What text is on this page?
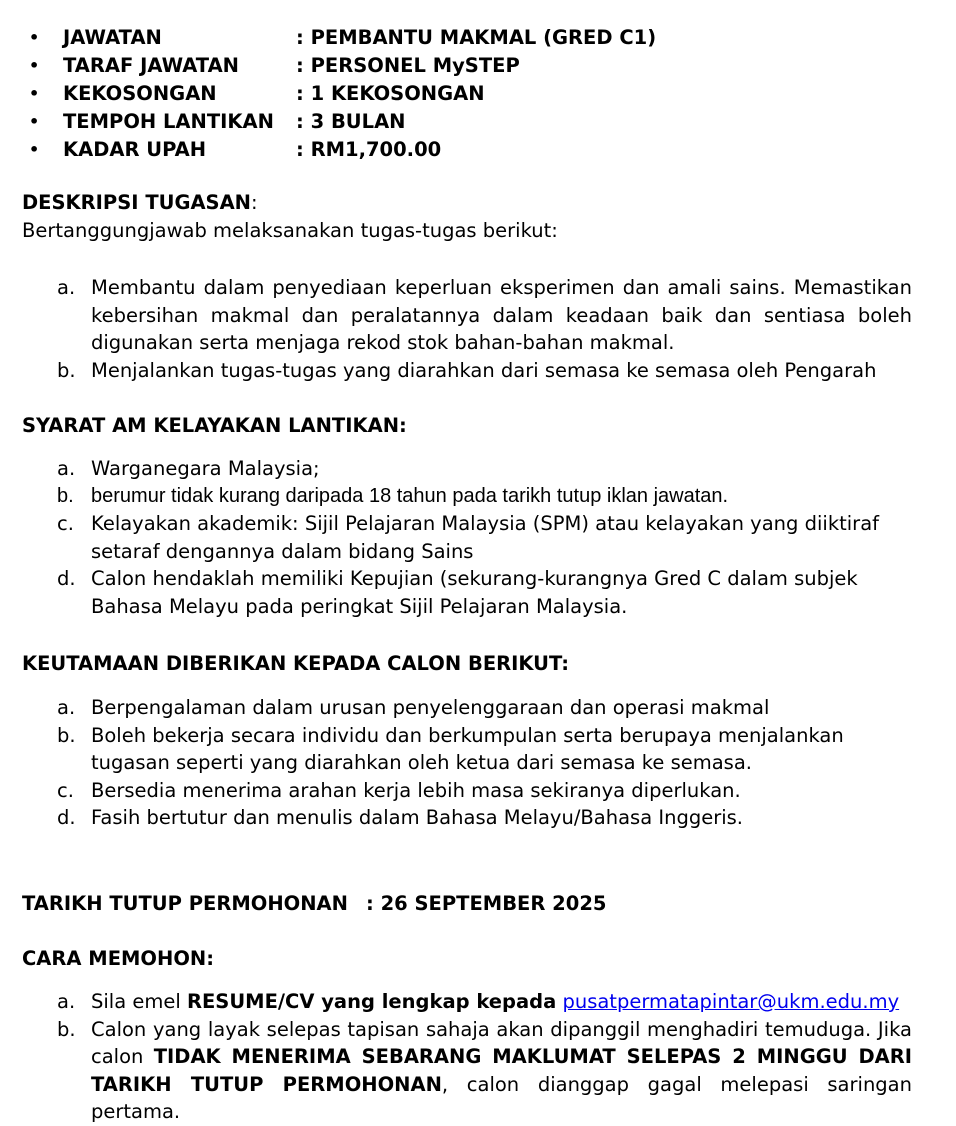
• JAWATAN	: PEMBANTU MAKMAL (GRED C1)
• TARAF JAWATAN	: PERSONEL MySTEP
• KEKOSONGAN	: 1 KEKOSONGAN
• TEMPOH LANTIKAN : 3 BULAN
• KADAR UPAH	: RM1,700.00
DESKRIPSI TUGASAN:
Bertanggungjawab melaksanakan tugas-tugas berikut:
a. Membantu dalam penyediaan keperluan eksperimen dan amali sains. Memastikan kebersihan makmal dan peralatannya dalam keadaan baik dan sentiasa boleh digunakan serta menjaga rekod stok bahan-bahan makmal.
b. Menjalankan tugas-tugas yang diarahkan dari semasa ke semasa oleh Pengarah
SYARAT AM KELAYAKAN LANTIKAN:
a. Warganegara Malaysia;
b. berumur tidak kurang daripada 18 tahun pada tarikh tutup iklan jawatan.
c. Kelayakan akademik: Sijil Pelajaran Malaysia (SPM) atau kelayakan yang diiktiraf setaraf dengannya dalam bidang Sains
d. Calon hendaklah memiliki Kepujian (sekurang-kurangnya Gred C dalam subjek Bahasa Melayu pada peringkat Sijil Pelajaran Malaysia.
KEUTAMAAN DIBERIKAN KEPADA CALON BERIKUT:
a. Berpengalaman dalam urusan penyelenggaraan dan operasi makmal
b. Boleh bekerja secara individu dan berkumpulan serta berupaya menjalankan tugasan seperti yang diarahkan oleh ketua dari semasa ke semasa.
c. Bersedia menerima arahan kerja lebih masa sekiranya diperlukan.
d. Fasih bertutur dan menulis dalam Bahasa Melayu/Bahasa Inggeris.
TARIKH TUTUP PERMOHONAN : 26 SEPTEMBER 2025
CARA MEMOHON:
a. Sila emel RESUME/CV yang lengkap kepada pusatpermatapintar@ukm.edu.my
b. Calon yang layak selepas tapisan sahaja akan dipanggil menghadiri temuduga. Jika calon TIDAK MENERIMA SEBARANG MAKLUMAT SELEPAS 2 MINGGU DARI TARIKH TUTUP PERMOHONAN, calon dianggap gagal melepasi saringan pertama.
